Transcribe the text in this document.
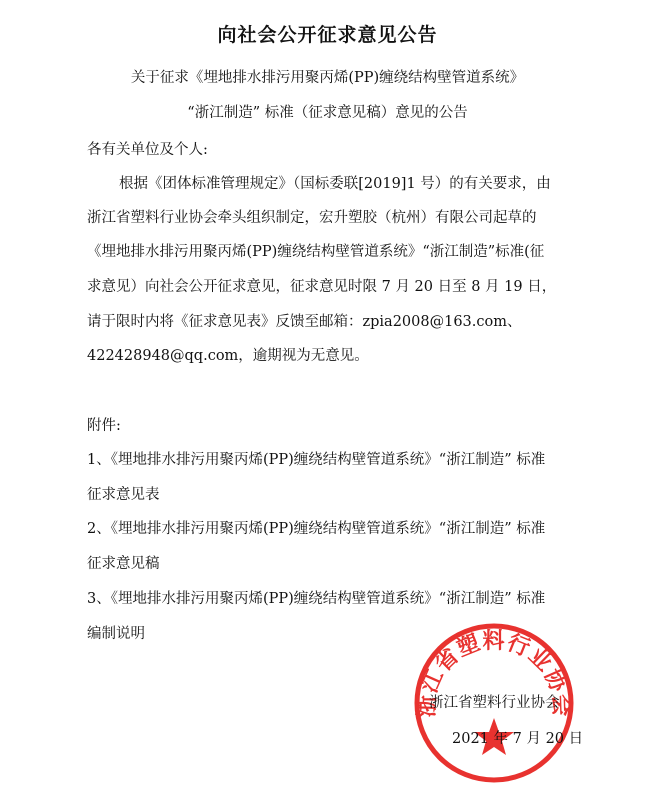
向社会公开征求意见公告
关于征求《埋地排水排污用聚丙烯(PP)缠绕结构壁管道系统》
“浙江制造” 标准（征求意见稿）意见的公告
各有关单位及个人:
根据《团体标准管理规定》（国标委联[2019]1 号）的有关要求，由
浙江省塑料行业协会牵头组织制定，宏升塑胶（杭州）有限公司起草的
《埋地排水排污用聚丙烯(PP)缠绕结构壁管道系统》“浙江制造”标准(征
求意见）向社会公开征求意见，征求意见时限 7 月 20 日至 8 月 19 日，
请于限时内将《征求意见表》反馈至邮箱：zpia2008@163.com、
422428948@qq.com，逾期视为无意见。
附件:
1、《埋地排水排污用聚丙烯(PP)缠绕结构壁管道系统》“浙江制造” 标准
征求意见表
2、《埋地排水排污用聚丙烯(PP)缠绕结构壁管道系统》“浙江制造” 标准
征求意见稿
3、《埋地排水排污用聚丙烯(PP)缠绕结构壁管道系统》“浙江制造” 标准
编制说明
浙江省塑料行业协会
浙江省塑料行业协会
2021 年 7 月 20 日
